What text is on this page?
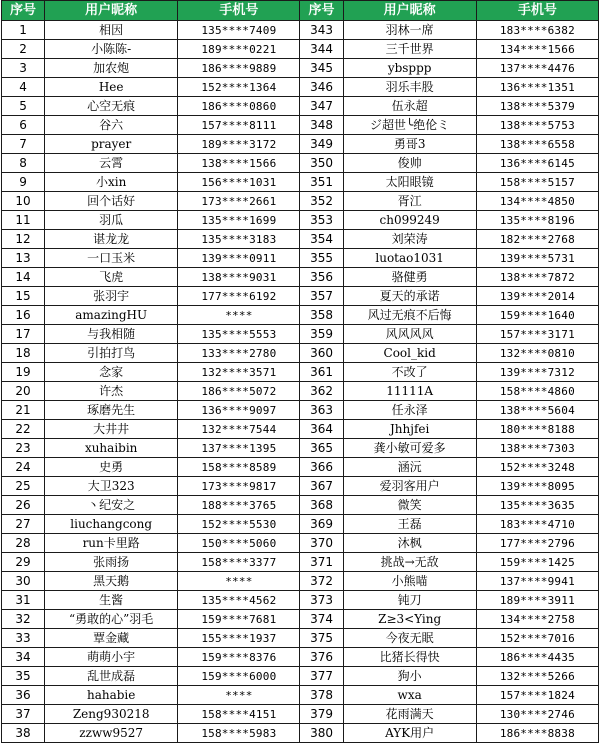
序号	用户昵称	手机号	序号	用户昵称	手机号
1	相因	135****7409	343	羽林一席	183****6382
2	小陈陈-	189****0221	344	三千世界	134****1566
3	加农炮	186****9889	345	ybsppp	137****4476
4	Hee	152****1364	346	羽乐丰股	136****1351
5	心空无痕	186****0860	347	伍永超	138****5379
6	谷六	157****8111	348	ジ超世╰绝伦ミ	138****5753
7	prayer	189****3172	349	勇哥3	138****6558
8	云霄	138****1566	350	俊帅	136****6145
9	小xin	156****1031	351	太阳眼镜	158****5157
10	回个话好	173****2661	352	胥江	134****4850
11	羽瓜	135****1699	353	ch099249	135****8196
12	谌龙龙	135****3183	354	刘荣涛	182****2768
13	一口玉米	139****0911	355	luotao1031	139****5731
14	飞虎	138****9031	356	骆健勇	138****7872
15	张羽宇	177****6192	357	夏天的承诺	139****2014
16	amazingHU	****	358	风过无痕不后悔	159****1640
17	与我相随	135****5553	359	风风风风	157****3171
18	引拍打鸟	133****2780	360	Cool_kid	132****0810
19	念家	132****3571	361	不改了	139****7312
20	许杰	186****5072	362	11111A	158****4860
21	琢磨先生	136****9097	363	任永泽	138****5604
22	大井井	132****7544	364	Jhhjfei	180****8188
23	xuhaibin	137****1395	365	龚小敏可爱多	138****7303
24	史勇	158****8589	366	涵沅	152****3248
25	大卫323	173****9817	367	爱羽客用户	139****8095
26	丶纪安之	188****3765	368	微笑	135****3635
27	liuchangcong	152****5530	369	王磊	183****4710
28	run卡里路	150****5060	370	沐枫	177****2796
29	张雨扬	158****3377	371	挑战→无敌	159****1425
30	黑天鹅	****	372	小熊喵	137****9941
31	生酱	135****4562	373	钝刀	189****3911
32	“勇敢的心”羽毛	159****7681	374	Z≥3<Ying	134****2758
33	覃金藏	155****1937	375	今夜无眠	152****7016
34	萌萌小宇	159****8376	376	比猪长得快	186****4435
35	乱世成磊	159****6000	377	狗小	132****5266
36	hahabie	****	378	wxa	157****1824
37	Zeng930218	158****4151	379	花雨满天	130****2746
38	zzww9527	158****5983	380	AYK用户	186****8838
